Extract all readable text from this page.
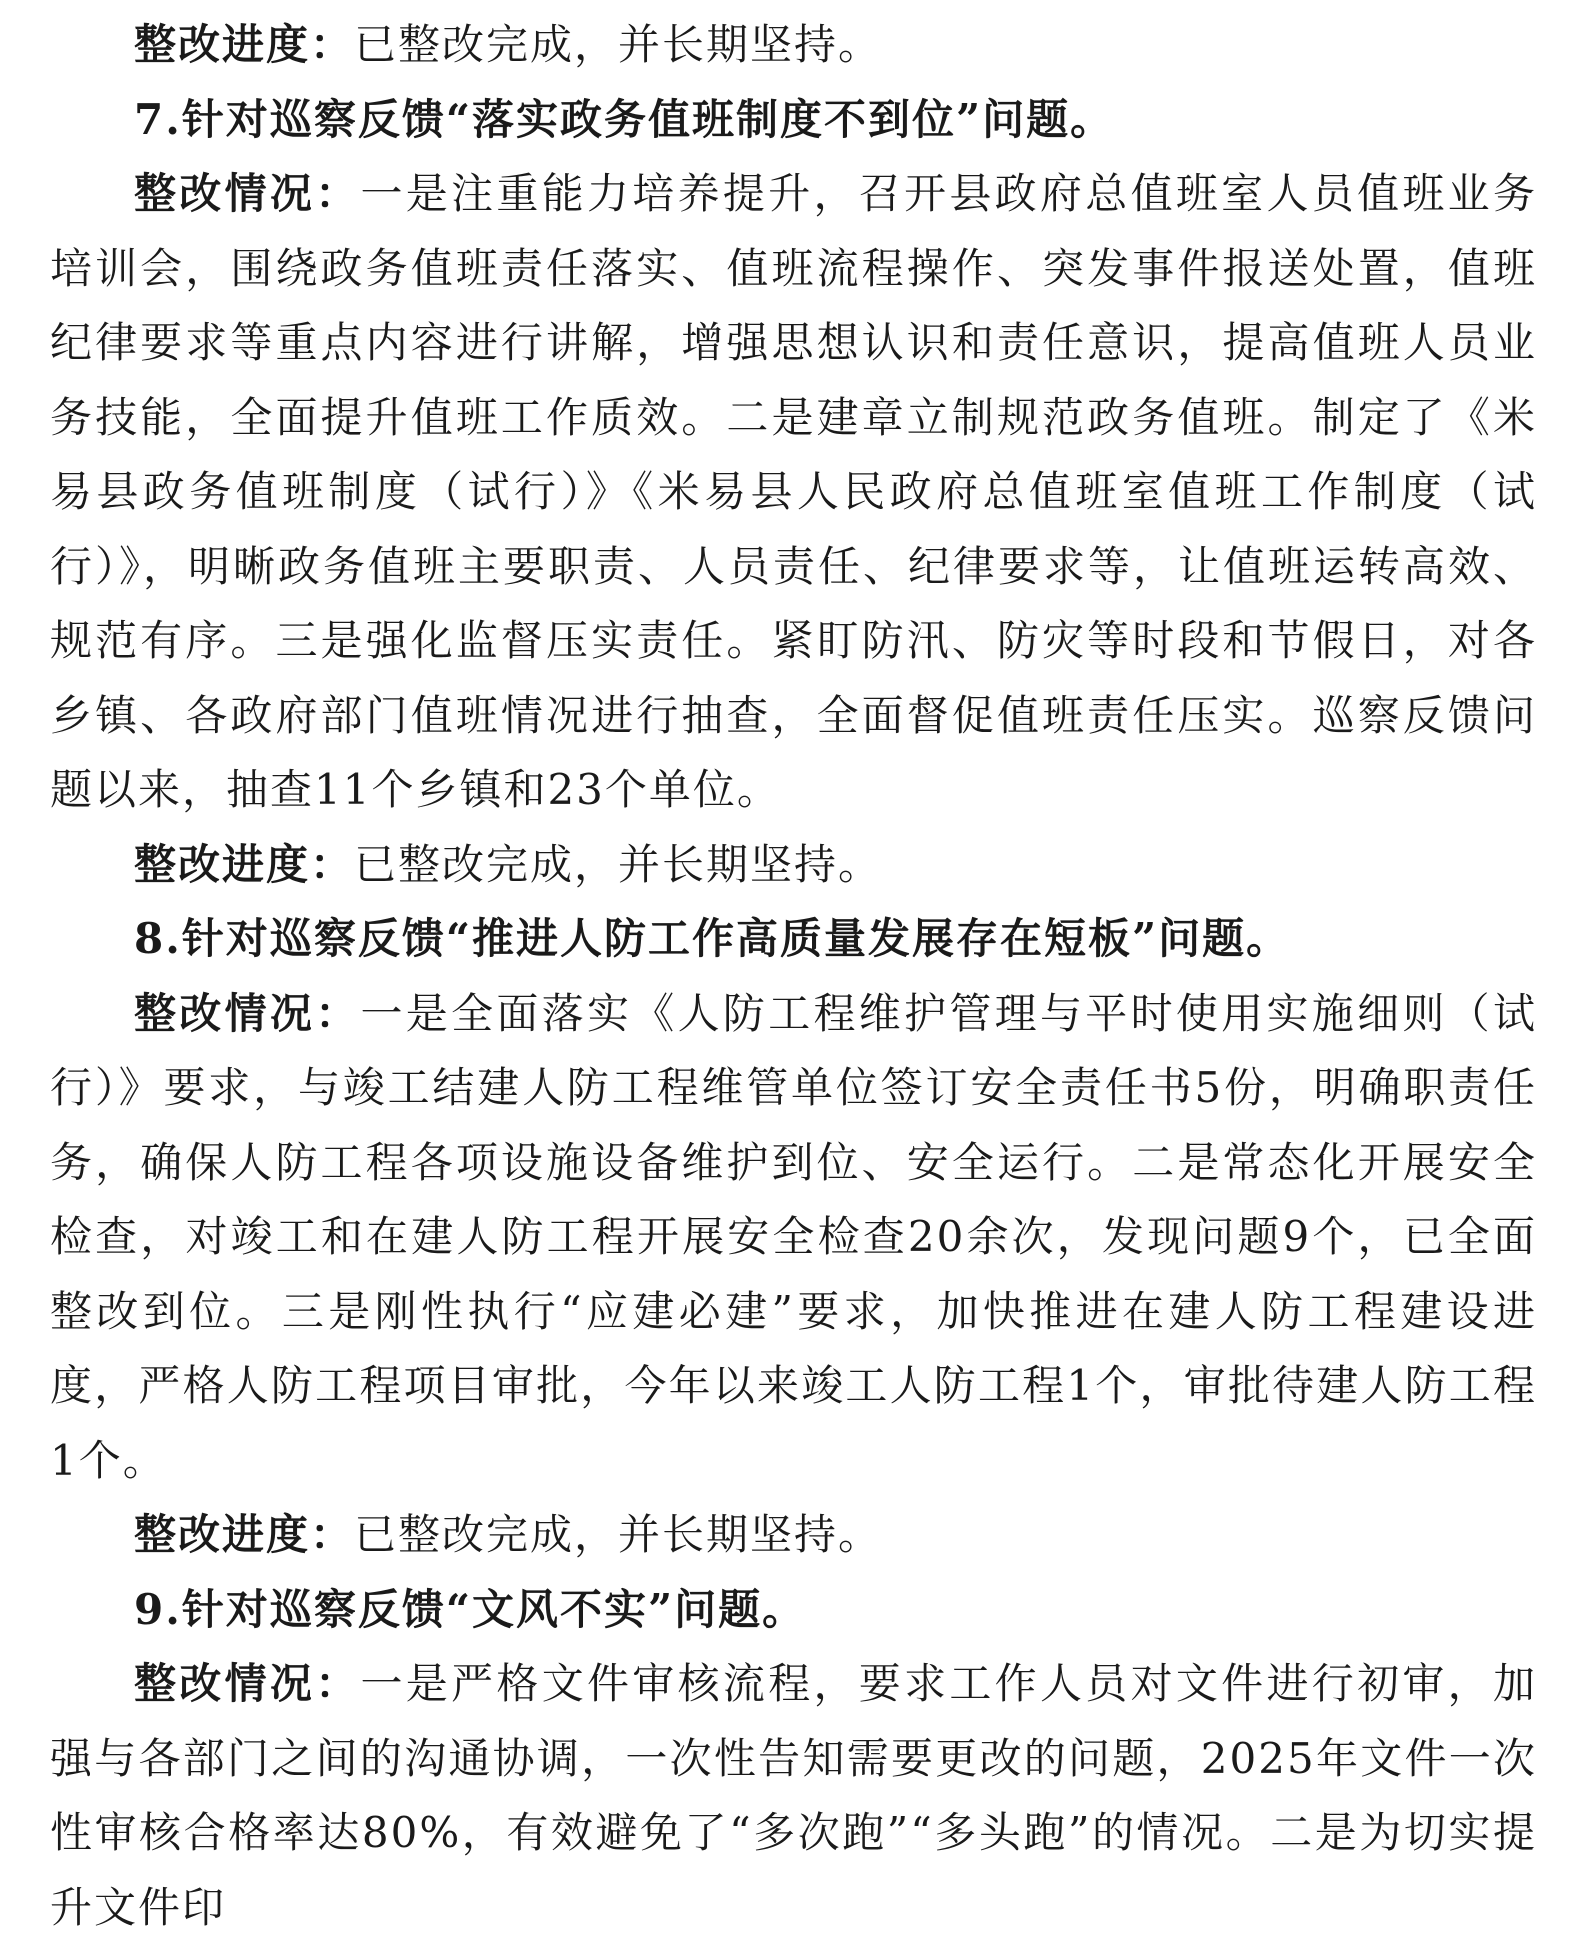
整改进度：已整改完成，并长期坚持。

7.针对巡察反馈“落实政务值班制度不到位”问题。

整改情况：一是注重能力培养提升，召开县政府总值班室人员值班业务培训会，围绕政务值班责任落实、值班流程操作、突发事件报送处置，值班纪律要求等重点内容进行讲解，增强思想认识和责任意识，提高值班人员业务技能，全面提升值班工作质效。二是建章立制规范政务值班。制定了《米易县政务值班制度（试行）》《米易县人民政府总值班室值班工作制度（试行）》，明晰政务值班主要职责、人员责任、纪律要求等，让值班运转高效、规范有序。三是强化监督压实责任。紧盯防汛、防灾等时段和节假日，对各乡镇、各政府部门值班情况进行抽查，全面督促值班责任压实。巡察反馈问题以来，抽查11个乡镇和23个单位。

整改进度：已整改完成，并长期坚持。

8.针对巡察反馈“推进人防工作高质量发展存在短板”问题。

整改情况：一是全面落实《人防工程维护管理与平时使用实施细则（试行）》要求，与竣工结建人防工程维管单位签订安全责任书5份，明确职责任务，确保人防工程各项设施设备维护到位、安全运行。二是常态化开展安全检查，对竣工和在建人防工程开展安全检查20余次，发现问题9个，已全面整改到位。三是刚性执行“应建必建”要求，加快推进在建人防工程建设进度，严格人防工程项目审批，今年以来竣工人防工程1个，审批待建人防工程1个。

整改进度：已整改完成，并长期坚持。

9.针对巡察反馈“文风不实”问题。

整改情况：一是严格文件审核流程，要求工作人员对文件进行初审，加强与各部门之间的沟通协调，一次性告知需要更改的问题，2025年文件一次性审核合格率达80%，有效避免了“多次跑”“多头跑”的情况。二是为切实提升文件印
